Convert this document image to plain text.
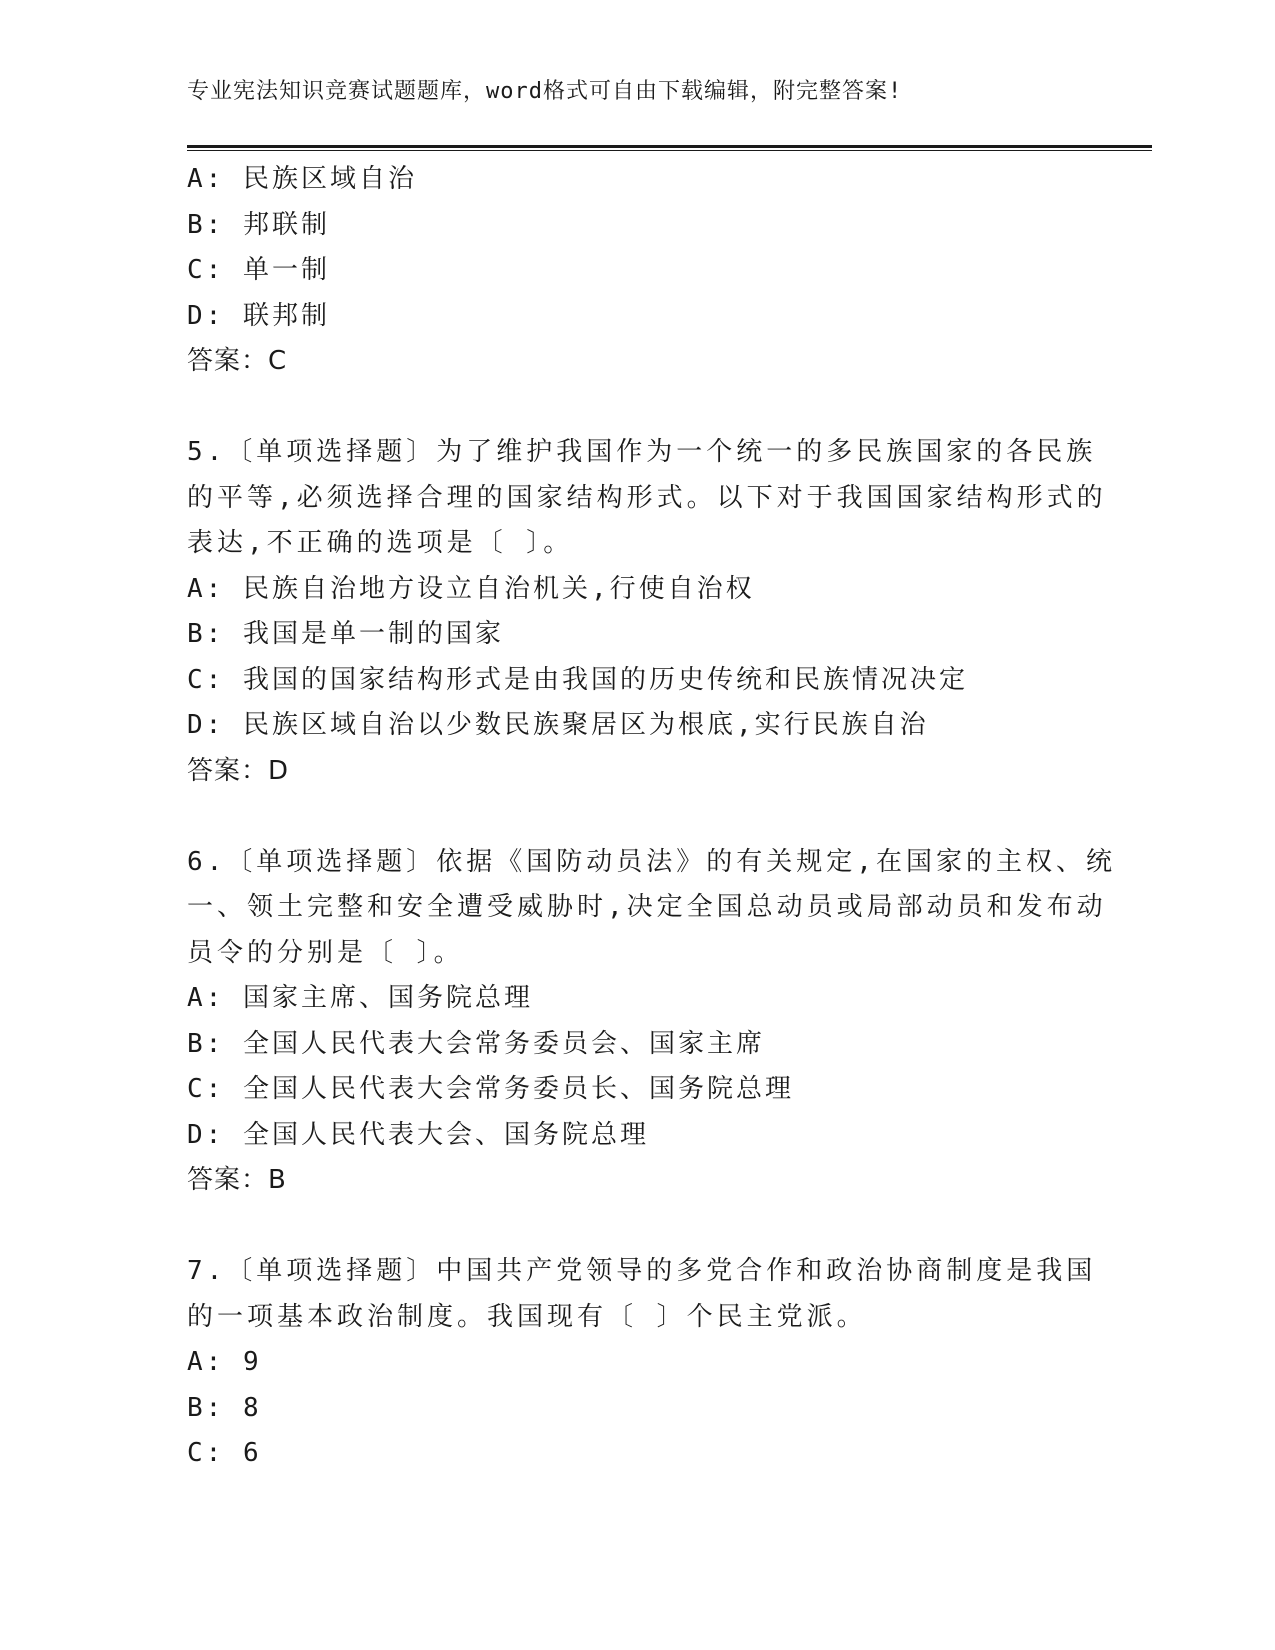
专业宪法知识竞赛试题题库，word格式可自由下载编辑，附完整答案!
A: 民族区域自治
B: 邦联制
C: 单一制
D: 联邦制
答案：C
5.〔单项选择题〕为了维护我国作为一个统一的多民族国家的各民族
的平等,必须选择合理的国家结构形式。以下对于我国国家结构形式的
表达,不正确的选项是〔 〕。
A: 民族自治地方设立自治机关,行使自治权
B: 我国是单一制的国家
C: 我国的国家结构形式是由我国的历史传统和民族情况决定
D: 民族区域自治以少数民族聚居区为根底,实行民族自治
答案：D
6.〔单项选择题〕依据《国防动员法》的有关规定,在国家的主权、统
一、领土完整和安全遭受威胁时,决定全国总动员或局部动员和发布动
员令的分别是〔 〕。
A: 国家主席、国务院总理
B: 全国人民代表大会常务委员会、国家主席
C: 全国人民代表大会常务委员长、国务院总理
D: 全国人民代表大会、国务院总理
答案：B
7.〔单项选择题〕中国共产党领导的多党合作和政治协商制度是我国
的一项基本政治制度。我国现有〔 〕个民主党派。
A: 9
B: 8
C: 6
